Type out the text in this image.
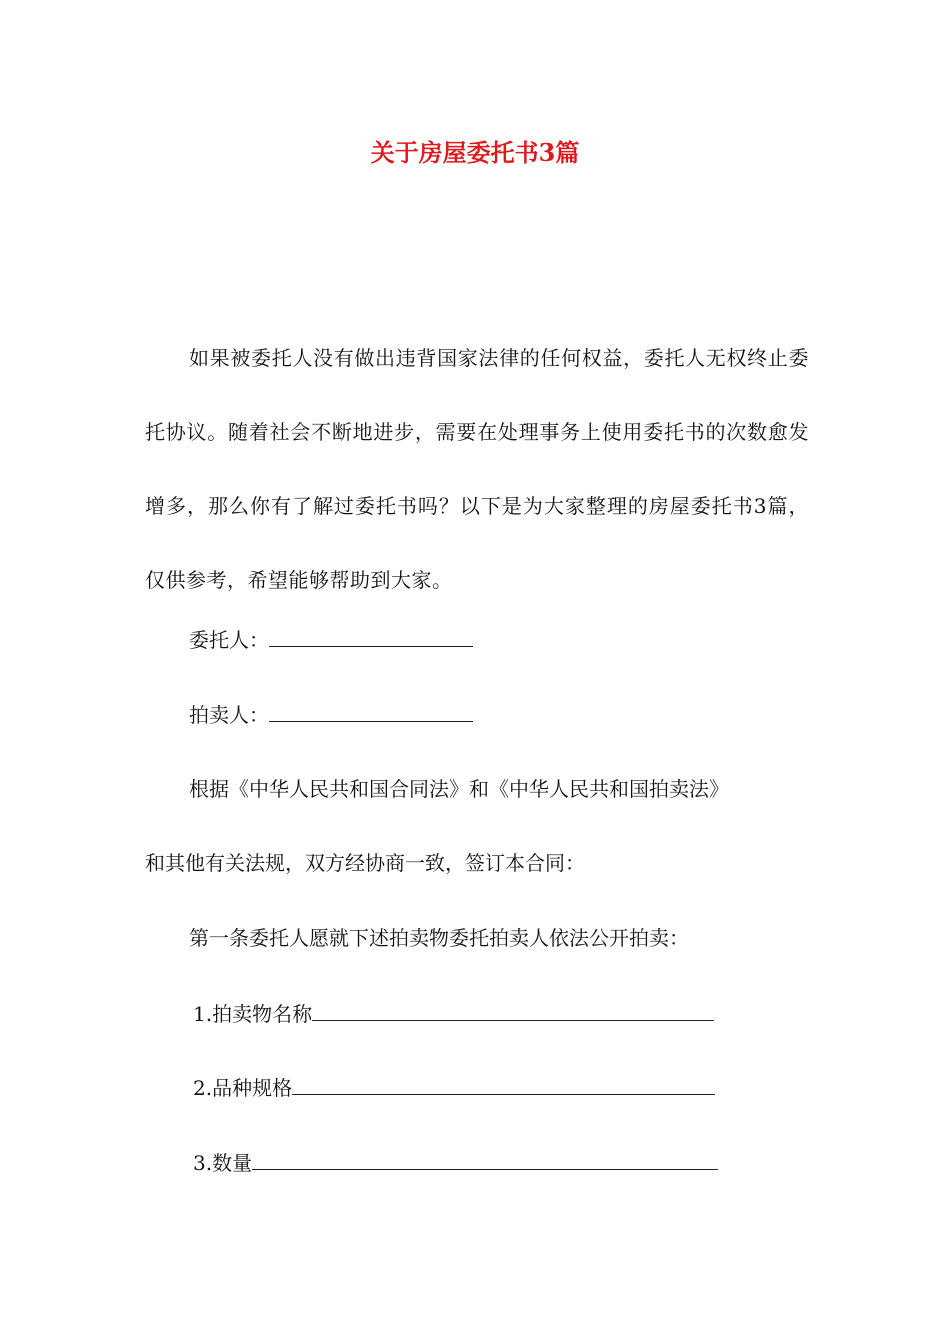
关于房屋委托书3篇

如果被委托人没有做出违背国家法律的任何权益，委托人无权终止委托协议。随着社会不断地进步，需要在处理事务上使用委托书的次数愈发增多，那么你有了解过委托书吗？以下是为大家整理的房屋委托书3篇，仅供参考，希望能够帮助到大家。

委托人：
拍卖人：
根据《中华人民共和国合同法》和《中华人民共和国拍卖法》
和其他有关法规，双方经协商一致，签订本合同：
第一条委托人愿就下述拍卖物委托拍卖人依法公开拍卖：
1.拍卖物名称
2.品种规格
3.数量
